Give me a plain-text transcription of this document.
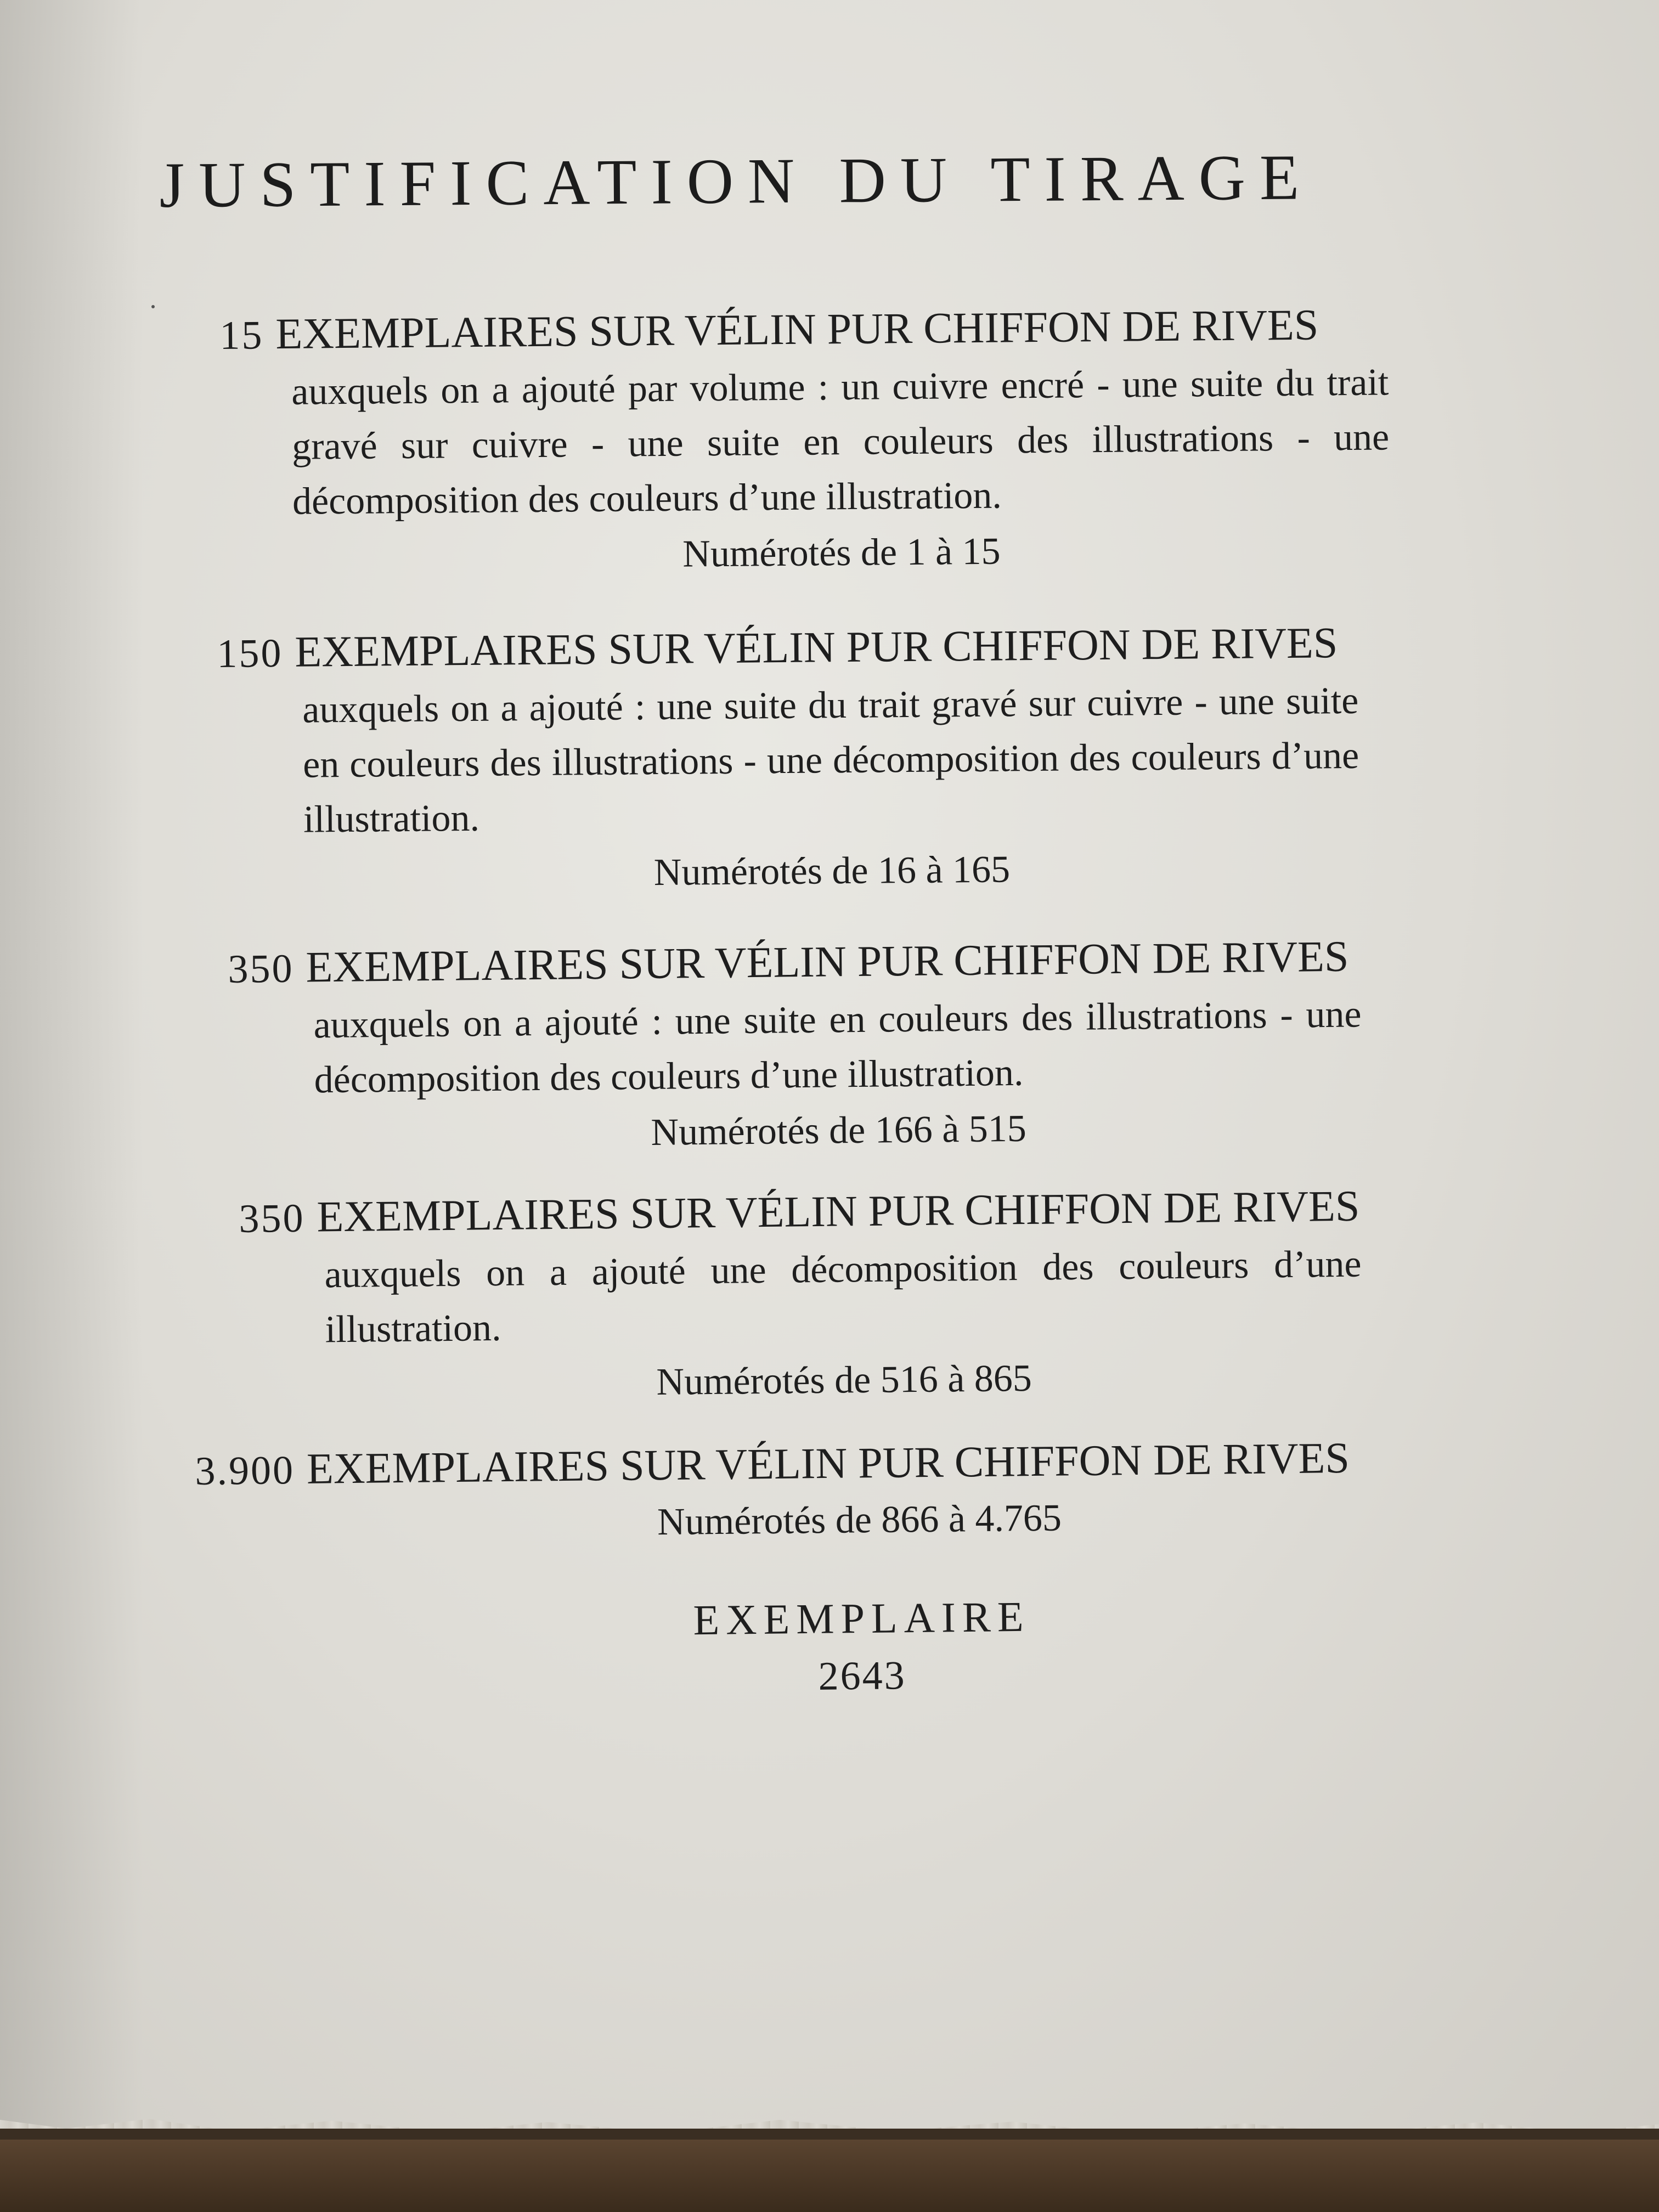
JUSTIFICATION DU TIRAGE
15 EXEMPLAIRES SUR VÉLIN PUR CHIFFON DE RIVES
auxquels on a ajouté par volume : un cuivre encré - une suite du trait gravé sur cuivre - une suite en couleurs des illustrations - une décomposition des couleurs d’une illustration.
Numérotés de 1 à 15
150 EXEMPLAIRES SUR VÉLIN PUR CHIFFON DE RIVES
auxquels on a ajouté : une suite du trait gravé sur cuivre - une suite en couleurs des illustrations - une décomposition des couleurs d’une illustration.
Numérotés de 16 à 165
350 EXEMPLAIRES SUR VÉLIN PUR CHIFFON DE RIVES
auxquels on a ajouté : une suite en couleurs des illustrations - une décomposition des couleurs d’une illustration.
Numérotés de 166 à 515
350 EXEMPLAIRES SUR VÉLIN PUR CHIFFON DE RIVES
auxquels on a ajouté une décomposition des couleurs d’une illustration.
Numérotés de 516 à 865
3.900 EXEMPLAIRES SUR VÉLIN PUR CHIFFON DE RIVES
Numérotés de 866 à 4.765
EXEMPLAIRE
2643
